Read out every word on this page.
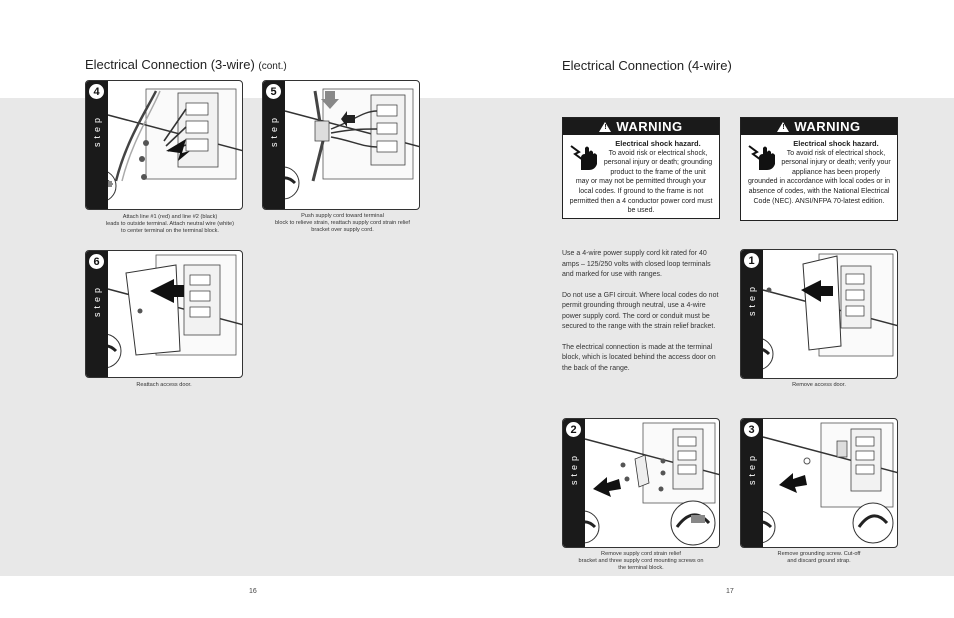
Electrical Connection (3-wire) (cont.)
4
step
Attach line #1 (red) and line #2 (black)
leads to outside terminal. Attach neutral wire (white)
to center terminal on the terminal block.
5
step
Push supply cord toward terminal
block to relieve strain, reattach supply cord strain relief
bracket over supply cord.
6
step
Reattach access door.
16
Electrical Connection (4-wire)
! WARNING
Electrical shock hazard.
To avoid risk or electrical shock, personal injury or death; grounding product to the frame of the unit may or may not be permitted through your local codes. If ground to the frame is not permitted then a 4 conductor power cord must be used.
! WARNING
Electrical shock hazard.
To avoid risk of electrical shock, personal injury or death; verify your appliance has been properly grounded in accordance with local codes or in absence of codes, with the National Electrical Code (NEC). ANSI/NFPA 70-latest edition.

Use a 4-wire power supply cord kit rated for 40 amps – 125/250 volts with closed loop terminals and marked for use with ranges.

Do not use a GFI circuit. Where local codes do not permit grounding through neutral, use a 4-wire power supply cord. The cord or conduit must be secured to the range with the strain relief bracket.

The electrical connection is made at the terminal block, which is located behind the access door on the back of the range.

1
step
Remove access door.
2
step
Remove supply cord strain relief
bracket and three supply cord mounting screws on
the terminal block.
3
step
Remove grounding screw. Cut-off
and discard ground strap.
17
